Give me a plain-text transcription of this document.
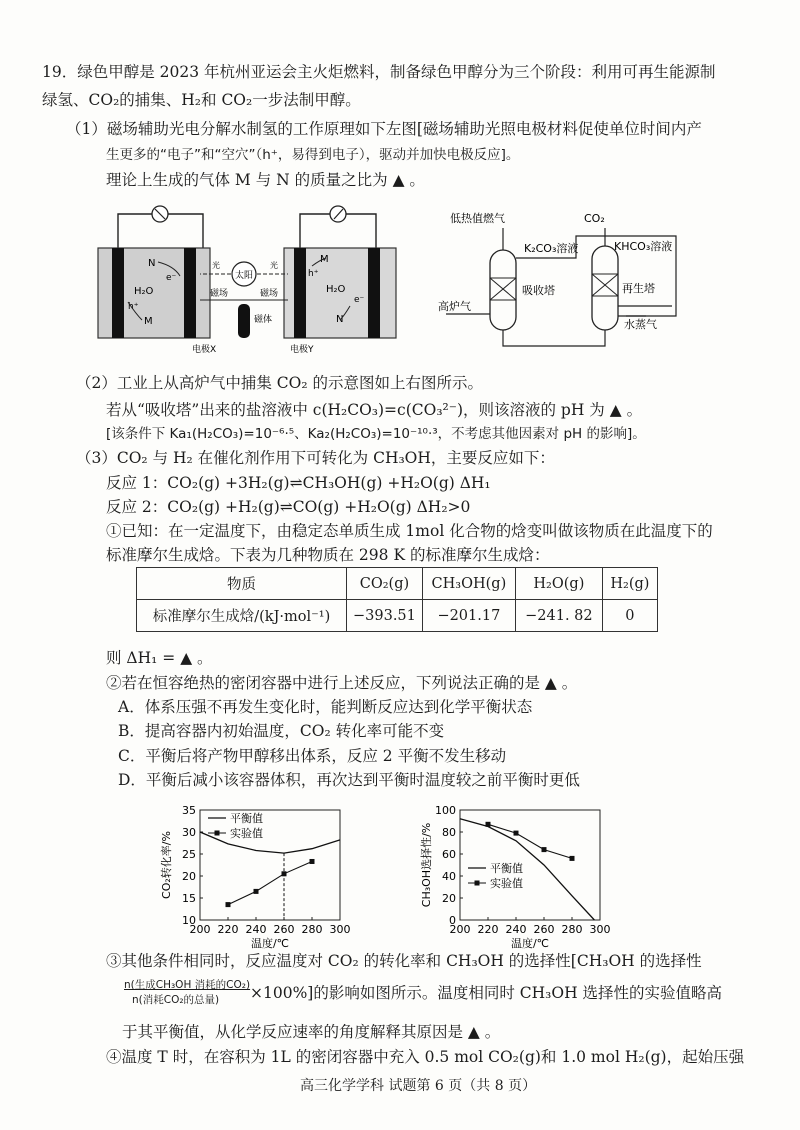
19．绿色甲醇是 2023 年杭州亚运会主火炬燃料，制备绿色甲醇分为三个阶段：利用可再生能源制
绿氢、CO₂的捕集、H₂和 CO₂一步法制甲醇。
（1）磁场辅助光电分解水制氢的工作原理如下左图[磁场辅助光照电极材料促使单位时间内产
生更多的“电子”和“空穴”（h⁺，易得到电子），驱动并加快电极反应]。
理论上生成的气体 M 与 N 的质量之比为 ▲ 。
太阳
光	光
磁场	磁场
磁体
N
e⁻
H₂O
h⁺
M
M
h⁺
H₂O
e⁻
N
电极X	电极Y
低热值燃气	CO₂
K₂CO₃溶液	KHCO₃溶液
吸收塔	再生塔
高炉气
水蒸气
（2）工业上从高炉气中捕集 CO₂ 的示意图如上右图所示。
若从“吸收塔”出来的盐溶液中 c(H₂CO₃)=c(CO₃²⁻)，则该溶液的 pH 为 ▲ 。
[该条件下 Ka₁(H₂CO₃)=10⁻⁶·⁵、Ka₂(H₂CO₃)=10⁻¹⁰·³，不考虑其他因素对 pH 的影响]。
（3）CO₂ 与 H₂ 在催化剂作用下可转化为 CH₃OH，主要反应如下：
反应 1：CO₂(g) +3H₂(g)⇌CH₃OH(g) +H₂O(g) ΔH₁
反应 2：CO₂(g) +H₂(g)⇌CO(g) +H₂O(g) ΔH₂>0
①已知：在一定温度下，由稳定态单质生成 1mol 化合物的焓变叫做该物质在此温度下的
标准摩尔生成焓。下表为几种物质在 298 K 的标准摩尔生成焓：
物质	CO₂(g)	CH₃OH(g)	H₂O(g)	H₂(g)
标准摩尔生成焓/(kJ·mol⁻¹)	−393.51	−201.17	−241. 82	0
则 ΔH₁ = ▲ 。
②若在恒容绝热的密闭容器中进行上述反应，下列说法正确的是 ▲ 。
A．体系压强不再发生变化时，能判断反应达到化学平衡状态
B．提高容器内初始温度，CO₂ 转化率可能不变
C．平衡后将产物甲醇移出体系，反应 2 平衡不发生移动
D．平衡后减小该容器体积，再次达到平衡时温度较之前平衡时更低
200 220 240 260 280 300
10
15
20
25
30
35
温度/℃
CO₂转化率/%
平衡值
实验值
200 220 240 260 280 300
0
20
40
60
80
100
温度/℃
CH₃OH选择性/%	平衡值
实验值
③其他条件相同时，反应温度对 CO₂ 的转化率和 CH₃OH 的选择性[CH₃OH 的选择性
n(生成CH₃OH 消耗的CO₂)
n(消耗CO₂的总量) ×100%]的影响如图所示。温度相同时 CH₃OH 选择性的实验值略高
于其平衡值，从化学反应速率的角度解释其原因是 ▲ 。
④温度 T 时，在容积为 1L 的密闭容器中充入 0.5 mol CO₂(g)和 1.0 mol H₂(g)，起始压强
高三化学学科 试题第 6 页（共 8 页）
